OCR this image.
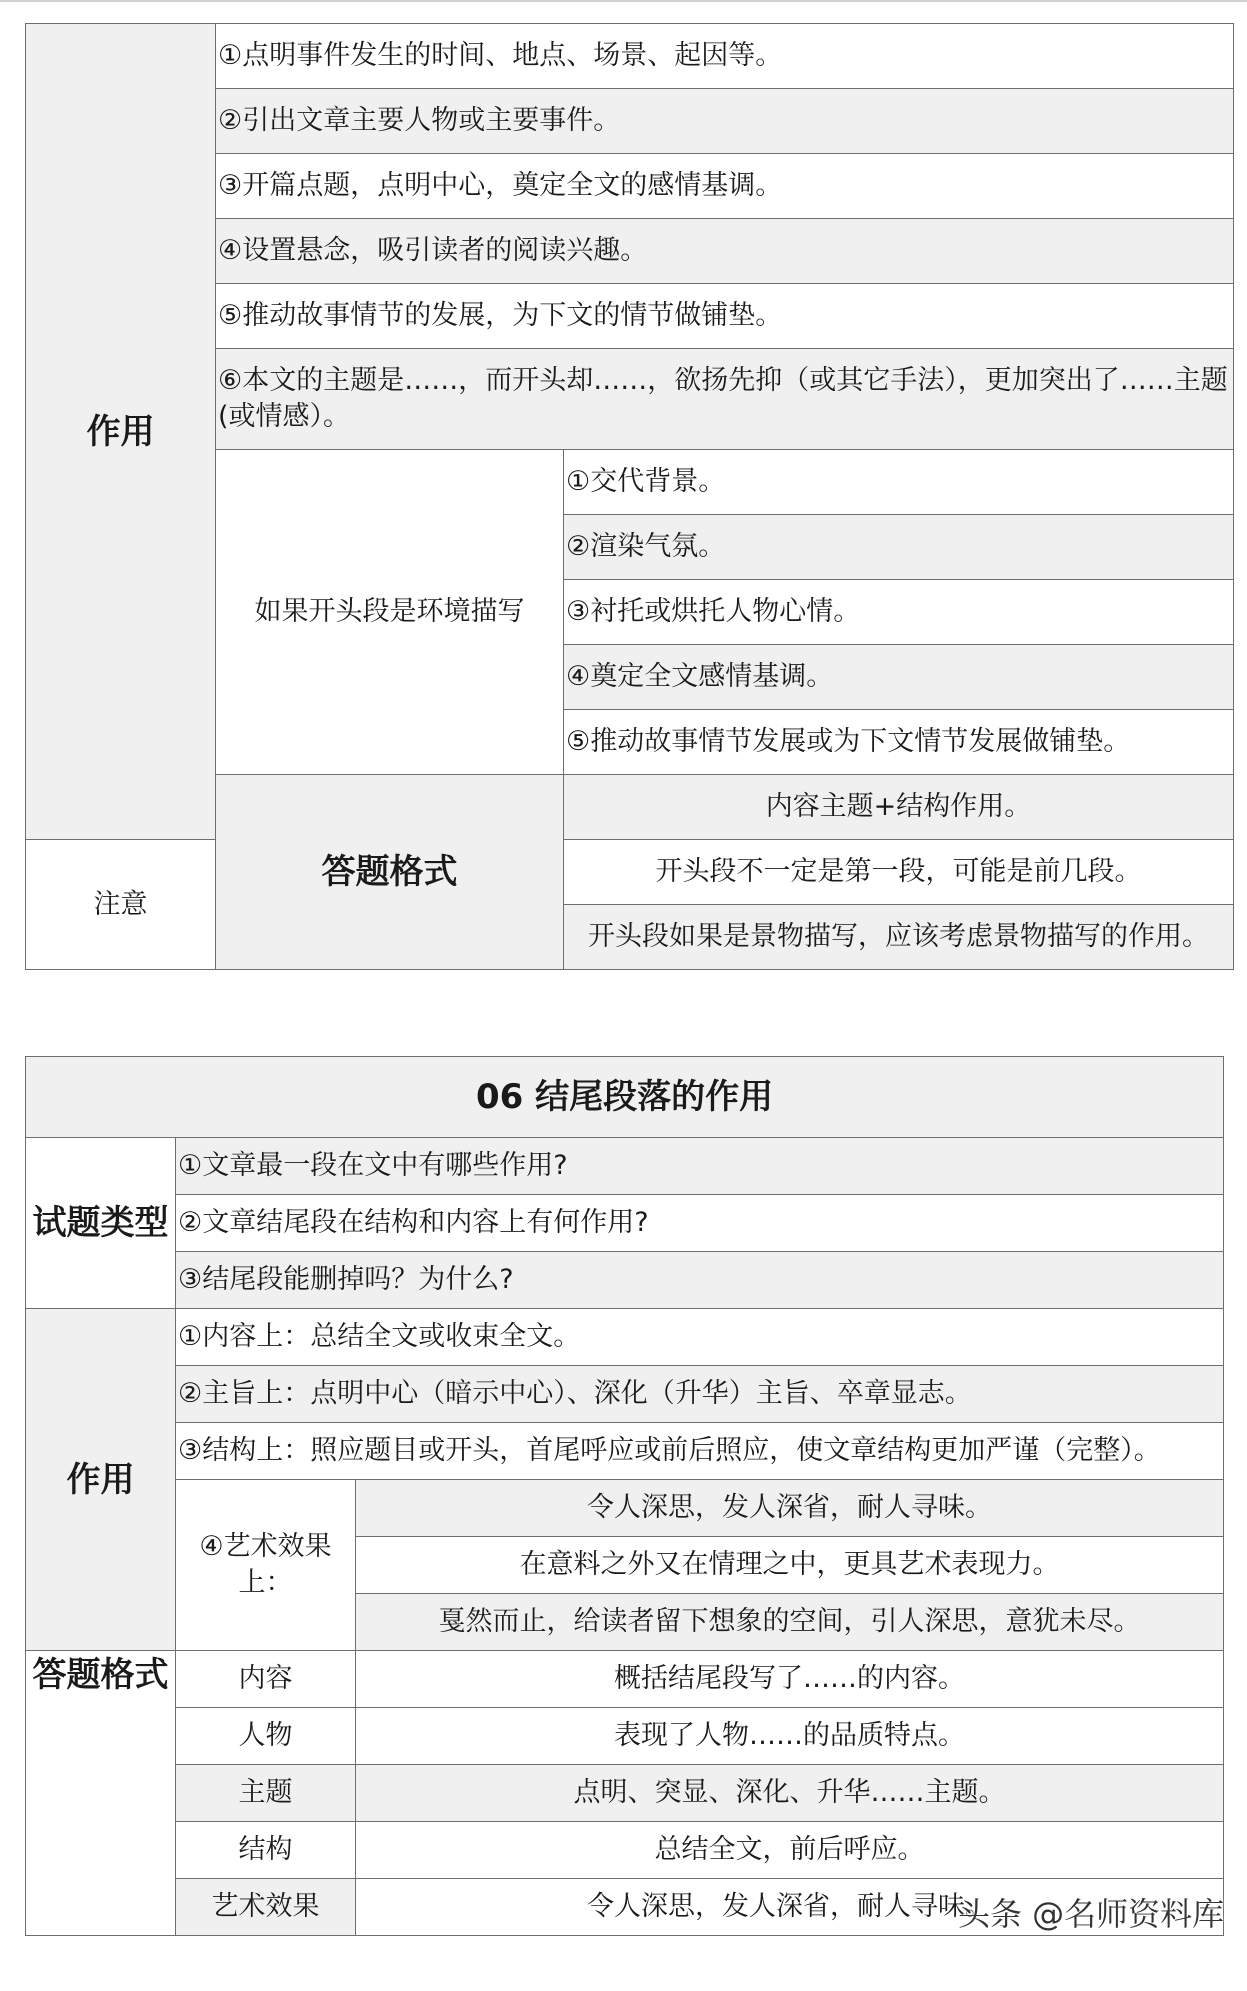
作用	①点明事件发生的时间、地点、场景、起因等。	
	②引出文章主要人物或主要事件。	
	③开篇点题，点明中心，奠定全文的感情基调。	
	④设置悬念，吸引读者的阅读兴趣。	
	⑤推动故事情节的发展，为下文的情节做铺垫。	
	⑥本文的主题是……，而开头却……，欲扬先抑（或其它手法），更加突出了……主题(或情感）。	
	如果开头段是环境描写	①交代背景。
		②渲染气氛。
		③衬托或烘托人物心情。
		④奠定全文感情基调。
		⑤推动故事情节发展或为下文情节发展做铺垫。
	答题格式	内容主题+结构作用。
注意		开头段不一定是第一段，可能是前几段。
		开头段如果是景物描写，应该考虑景物描写的作用。
06 结尾段落的作用		
试题类型	①文章最一段在文中有哪些作用?	
	②文章结尾段在结构和内容上有何作用?	
	③结尾段能删掉吗？为什么?	
作用	①内容上：总结全文或收束全文。	
	②主旨上：点明中心（暗示中心）、深化（升华）主旨、卒章显志。	
	③结构上：照应题目或开头，首尾呼应或前后照应，使文章结构更加严谨（完整）。	
	④艺术效果上：	令人深思，发人深省，耐人寻味。
		在意料之外又在情理之中，更具艺术表现力。
		戛然而止，给读者留下想象的空间，引人深思，意犹未尽。
答题格式	内容	概括结尾段写了……的内容。
	人物	表现了人物……的品质特点。
	主题	点明、突显、深化、升华……主题。
	结构	总结全文，前后呼应。
	艺术效果	令人深思，发人深省，耐人寻味。
头条 @名师资料库
